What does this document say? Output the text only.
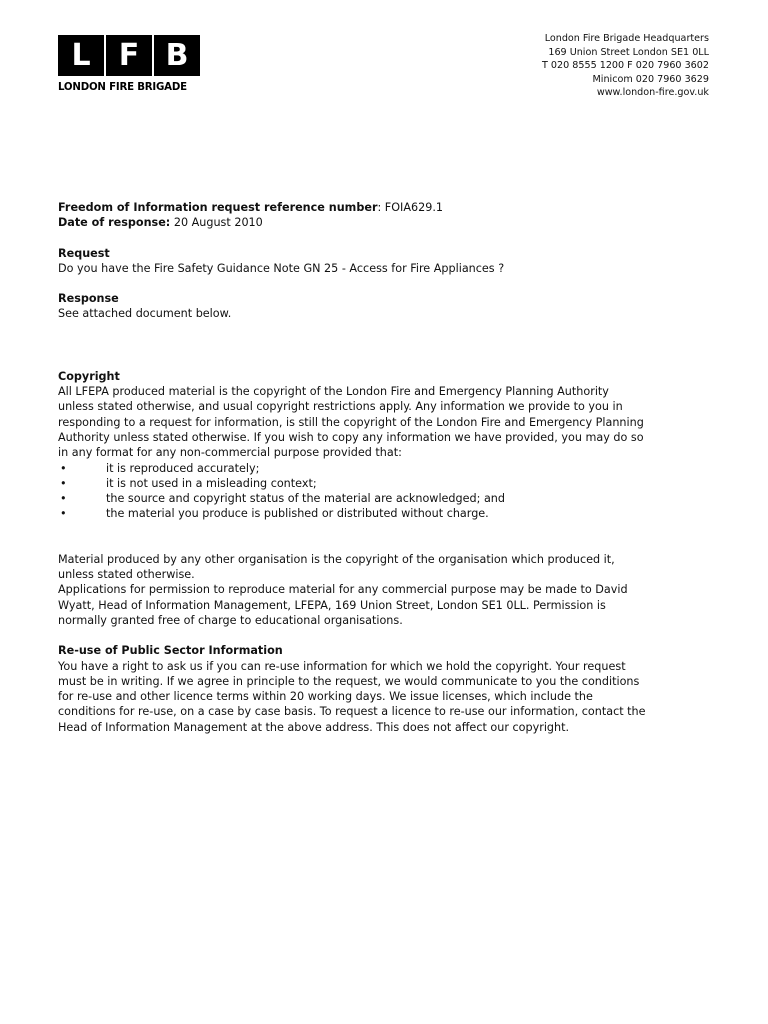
L F B
LONDON FIRE BRIGADE
London Fire Brigade Headquarters
169 Union Street London SE1 0LL
T 020 8555 1200 F 020 7960 3602
Minicom 020 7960 3629
www.london-fire.gov.uk

Freedom of Information request reference number: FOIA629.1

Date of response: 20 August 2010

Request

Do you have the Fire Safety Guidance Note GN 25 - Access for Fire Appliances ?

Response

See attached document below.

Copyright

All LFEPA produced material is the copyright of the London Fire and Emergency Planning Authority

unless stated otherwise, and usual copyright restrictions apply. Any information we provide to you in

responding to a request for information, is still the copyright of the London Fire and Emergency Planning

Authority unless stated otherwise. If you wish to copy any information we have provided, you may do so

in any format for any non-commercial purpose provided that:

•	it is reproduced accurately;
•	it is not used in a misleading context;
•	the source and copyright status of the material are acknowledged; and
•	the material you produce is published or distributed without charge.

Material produced by any other organisation is the copyright of the organisation which produced it,

unless stated otherwise.

Applications for permission to reproduce material for any commercial purpose may be made to David

Wyatt, Head of Information Management, LFEPA, 169 Union Street, London SE1 0LL. Permission is

normally granted free of charge to educational organisations.

Re-use of Public Sector Information

You have a right to ask us if you can re-use information for which we hold the copyright. Your request

must be in writing. If we agree in principle to the request, we would communicate to you the conditions

for re-use and other licence terms within 20 working days. We issue licenses, which include the

conditions for re-use, on a case by case basis. To request a licence to re-use our information, contact the

Head of Information Management at the above address. This does not affect our copyright.
